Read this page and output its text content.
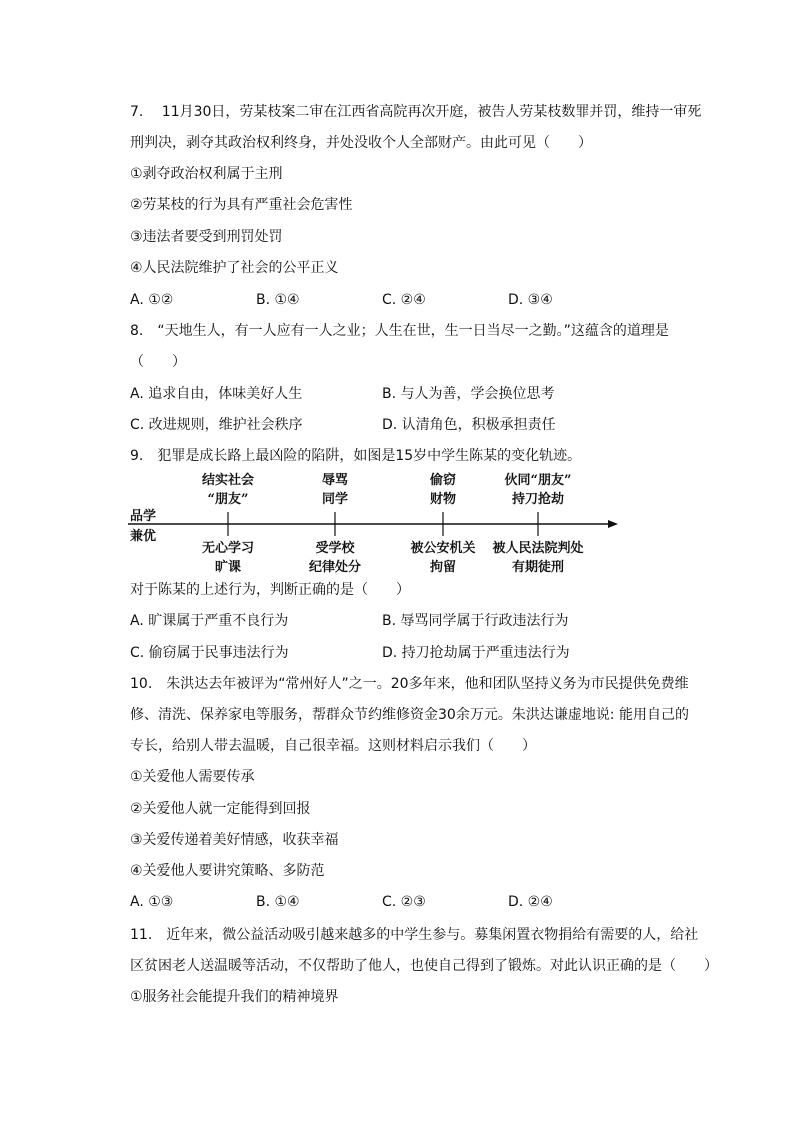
7.　 11月30日，劳某枝案二审在江西省高院再次开庭，被告人劳某枝数罪并罚，维持一审死
刑判决，剥夺其政治权利终身，并处没收个人全部财产。由此可见（　　）
①剥夺政治权利属于主刑
②劳某枝的行为具有严重社会危害性
③违法者要受到刑罚处罚
④人民法院维护了社会的公平正义
A. ①②	B. ①④	C. ②④	D. ③④
8.　“天地生人，有一人应有一人之业；人生在世，生一日当尽一之勤。”这蕴含的道理是
（　　）
A. 追求自由，体味美好人生	B. 与人为善，学会换位思考
C. 改进规则，维护社会秩序	D. 认清角色，积极承担责任
9.　犯罪是成长路上最凶险的陷阱，如图是15岁中学生陈某的变化轨迹。
品学
兼优
结实社会
“朋友”
辱骂
同学
偷窃
财物
伙同“朋友”
持刀抢劫
无心学习
旷课
受学校
纪律处分
被公安机关
拘留
被人民法院判处
有期徒刑
对于陈某的上述行为，判断正确的是（　　）
A. 旷课属于严重不良行为	B. 辱骂同学属于行政违法行为
C. 偷窃属于民事违法行为	D. 持刀抢劫属于严重违法行为
10.　朱洪达去年被评为“常州好人”之一。20多年来，他和团队坚持义务为市民提供免费维
修、清洗、保养家电等服务，帮群众节约维修资金30余万元。朱洪达谦虚地说: 能用自己的
专长，给别人带去温暖，自己很幸福。这则材料启示我们（　　）
①关爱他人需要传承
②关爱他人就一定能得到回报
③关爱传递着美好情感，收获幸福
④关爱他人要讲究策略、多防范
A. ①③	B. ①④	C. ②③	D. ②④
11.　近年来，微公益活动吸引越来越多的中学生参与。募集闲置衣物捐给有需要的人，给社
区贫困老人送温暖等活动，不仅帮助了他人，也使自己得到了锻炼。对此认识正确的是（　　）
①服务社会能提升我们的精神境界
